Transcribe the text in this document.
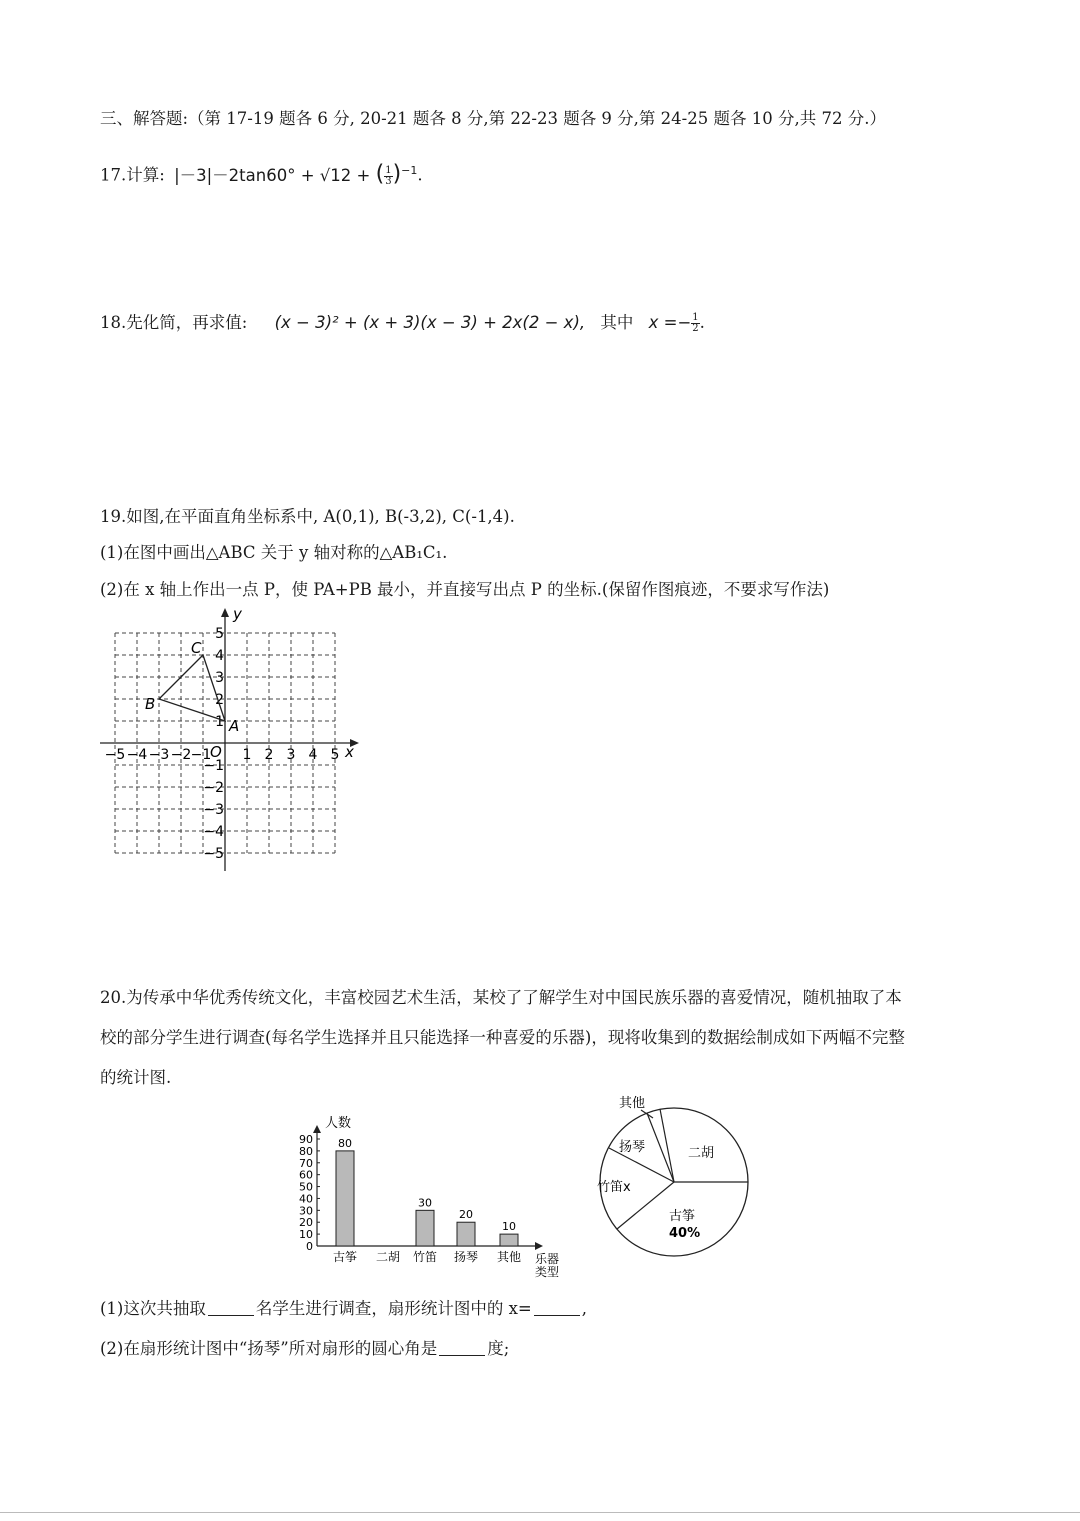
三、解答题:（第 17-19 题各 6 分, 20-21 题各 8 分,第 22-23 题各 9 分,第 24-25 题各 10 分,共 72 分.）
17.计算: |－3|－2tan60° + √12 + ( $\frac{1}{3} )^{-1}$.
18.先化简，再求值: (x − 3)² + (x + 3)(x − 3) + 2x(2 − x), 其中 $x =- \frac{1}{2}$ .
19.如图,在平面直角坐标系中, A(0,1), B(-3,2), C(-1,4).
(1)在图中画出△ABC 关于 y 轴对称的△AB₁C₁.
(2)在 x 轴上作出一点 P，使 PA+PB 最小，并直接写出点 P 的坐标.(保留作图痕迹，不要求写作法)
x
y
O
−5 −4 −3 −2 −1 1 2 3 4 5
5
4
3
2
1
−1
−2
−3
−4
−5
A
B
C
20.为传承中华优秀传统文化，丰富校园艺术生活，某校了了解学生对中国民族乐器的喜爱情况，随机抽取了本
校的部分学生进行调查(每名学生选择并且只能选择一种喜爱的乐器)，现将收集到的数据绘制成如下两幅不完整
的统计图.
人数
乐器
类型
0
10
20
30
40
50
60
70
80
90 80
古筝 二胡
30
竹笛
20
扬琴
10
其他
二胡
古筝
40%
竹笛x
扬琴
其他
(1)这次共抽取	名学生进行调查，扇形统计图中的 x=	,
(2)在扇形统计图中“扬琴”所对扇形的圆心角是	度;
